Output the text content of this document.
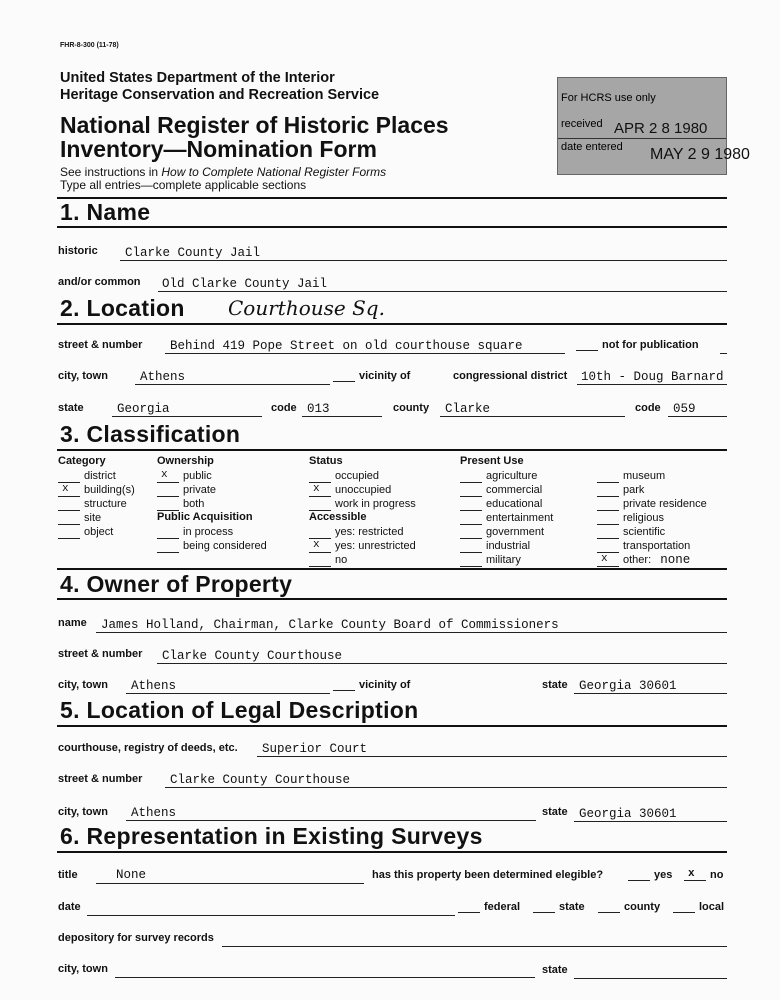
FHR-8-300 (11-78)
United States Department of the Interior
Heritage Conservation and Recreation Service
National Register of Historic Places
Inventory—Nomination Form
See instructions in How to Complete National Register Forms
Type all entries—complete applicable sections
For HCRS use only
received APR 2 8 1980
date entered MAY 2 9 1980
1. Name
historic Clarke County Jail
and/or common Old Clarke County Jail
2. Location Courthouse Sq.
street & number Behind 419 Pope Street on old courthouse square	not for publication
city, town	Athens	vicinity of	congressional district 10th - Doug Barnard
state	Georgia	code 013	county Clarke	code 059
3. Classification
Category
district
x building(s)
structure
site
object
Ownership
x public
private
both
Public Acquisition
in process
being considered
Status
occupied
x unoccupied
work in progress
Accessible
yes: restricted
x yes: unrestricted
no
Present Use
agriculture
commercial
educational
entertainment
government
industrial
military
museum
park
private residence
religious
scientific
transportation
x other: none
4. Owner of Property
name James Holland, Chairman, Clarke County Board of Commissioners
street & number Clarke County Courthouse
city, town Athens	vicinity of	state Georgia 30601
5. Location of Legal Description
courthouse, registry of deeds, etc. Superior Court
street & number Clarke County Courthouse
city, town Athens	state Georgia 30601
6. Representation in Existing Surveys
title	None	has this property been determined elegible?	yes x no
date	federal	state	county	local
depository for survey records
city, town	state
